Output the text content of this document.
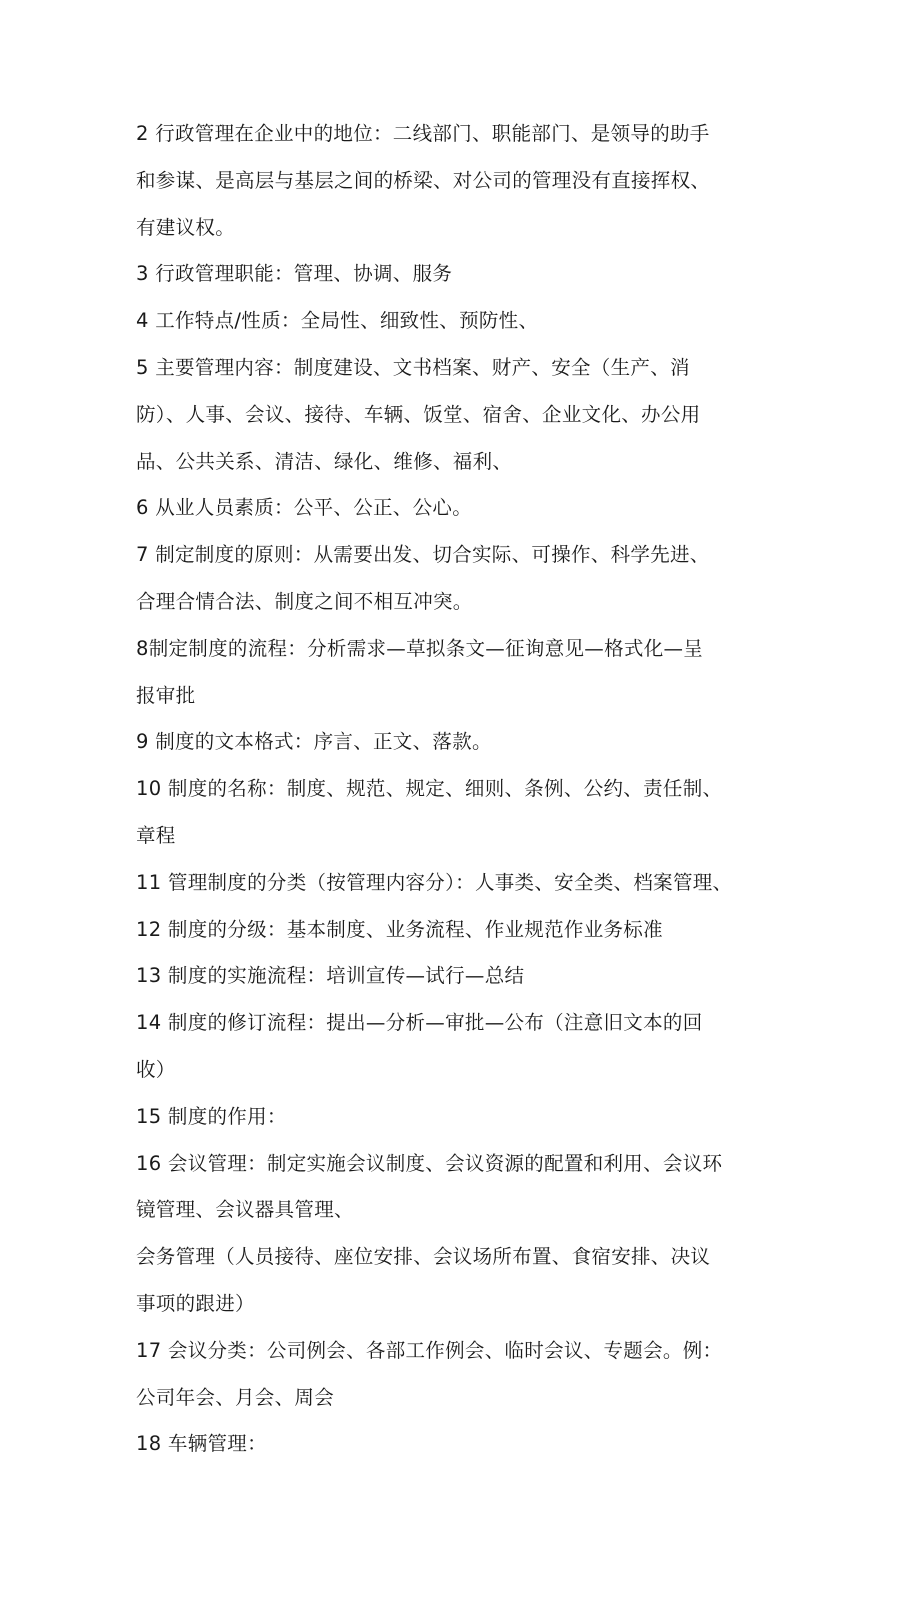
2 行政管理在企业中的地位：二线部门、职能部门、是领导的助手
和参谋、是高层与基层之间的桥梁、对公司的管理没有直接挥权、
有建议权。
3 行政管理职能：管理、协调、服务
4 工作特点/性质：全局性、细致性、预防性、
5 主要管理内容：制度建设、文书档案、财产、安全（生产、消
防）、人事、会议、接待、车辆、饭堂、宿舍、企业文化、办公用
品、公共关系、清洁、绿化、维修、福利、
6 从业人员素质：公平、公正、公心。
7 制定制度的原则：从需要出发、切合实际、可操作、科学先进、
合理合情合法、制度之间不相互冲突。
8制定制度的流程：分析需求—草拟条文—征询意见—格式化—呈
报审批
9 制度的文本格式：序言、正文、落款。
10 制度的名称：制度、规范、规定、细则、条例、公约、责任制、
章程
11 管理制度的分类（按管理内容分）：人事类、安全类、档案管理、
12 制度的分级：基本制度、业务流程、作业规范作业务标准
13 制度的实施流程：培训宣传—试行—总结
14 制度的修订流程：提出—分析—审批—公布（注意旧文本的回
收）
15 制度的作用：
16 会议管理：制定实施会议制度、会议资源的配置和利用、会议环
镜管理、会议器具管理、
会务管理（人员接待、座位安排、会议场所布置、食宿安排、决议
事项的跟进）
17 会议分类：公司例会、各部工作例会、临时会议、专题会。例：
公司年会、月会、周会
18 车辆管理：
